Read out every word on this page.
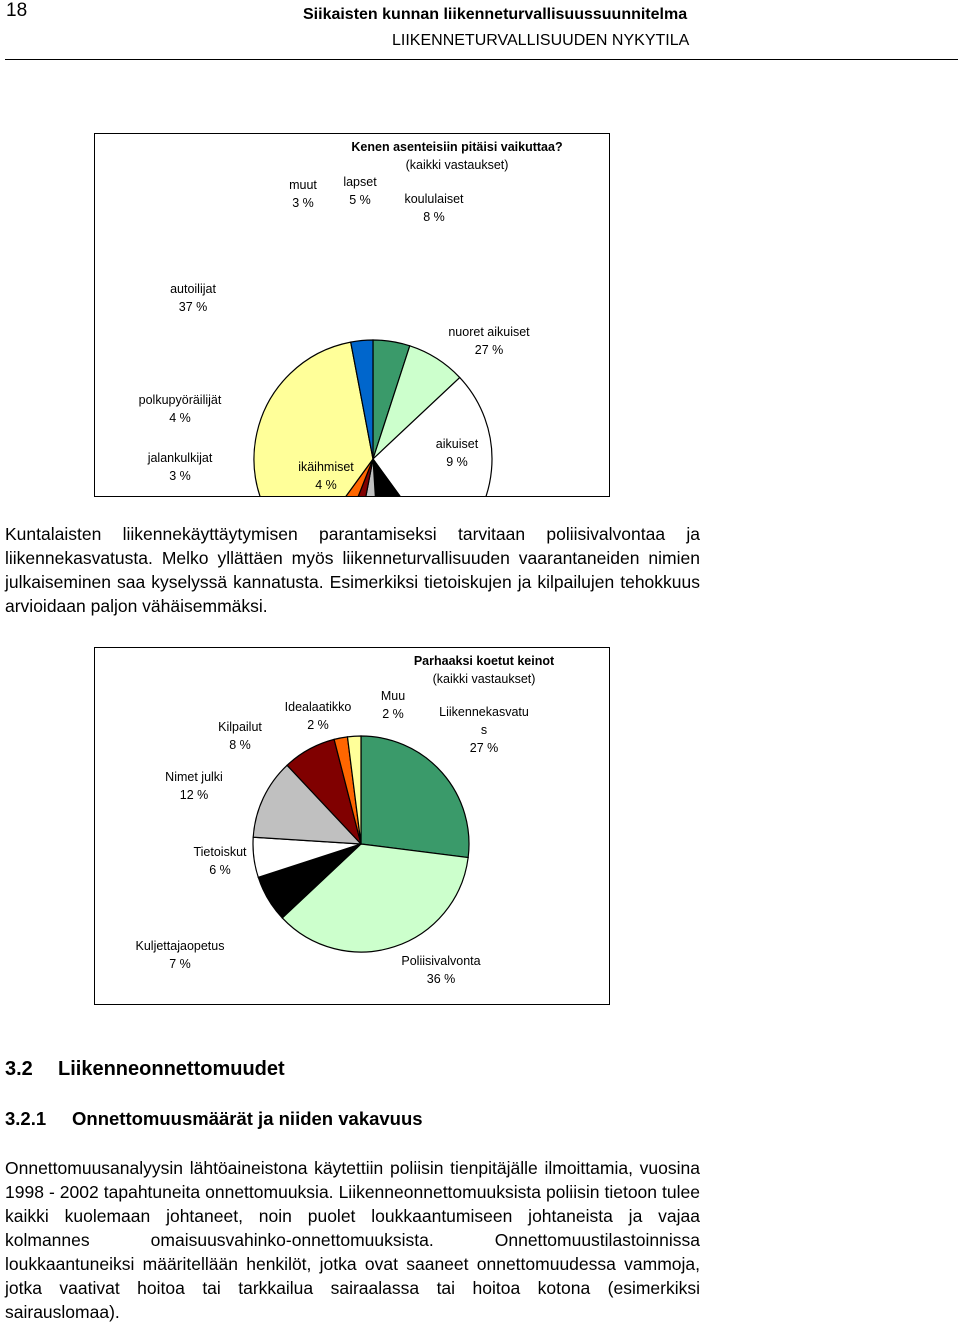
18	Siikaisten kunnan liikenneturvallisuussuunnitelma
LIIKENNETURVALLISUUDEN NYKYTILA
Kenen asenteisiin pitäisi vaikuttaa?
(kaikki vastaukset)
lapset
5 %	koululaiset
8 %
nuoret aikuiset
27 %
aikuiset
9 %
ikäihmiset
4 %
jalankulkijat
3 %
polkupyöräilijät
4 %
autoilijat
37 %
muut
3 %

Kuntalaisten liikennekäyttäytymisen parantamiseksi tarvitaan poliisivalvontaa ja liikennekasvatusta. Melko yllättäen myös liikenneturvallisuuden vaarantaneiden nimien julkaiseminen saa kyselyssä kannatusta. Esimerkiksi tietoiskujen ja kilpailujen tehokkuus arvioidaan paljon vähäisemmäksi.

Parhaaksi koetut keinot
(kaikki vastaukset)
Liikennekasvatu
s
27 %
Poliisivalvonta
36 %
Kuljettajaopetus
7 %
Tietoiskut
6 %
Nimet julki
12 %
Kilpailut
8 %
Idealaatikko
2 %
Muu
2 %
3.2 Liikenneonnettomuudet
3.2.1 Onnettomuusmäärät ja niiden vakavuus

Onnettomuusanalyysin lähtöaineistona käytettiin poliisin tienpitäjälle ilmoittamia, vuosina 1998 - 2002 tapahtuneita onnettomuuksia. Liikenneonnettomuuksista poliisin tietoon tulee kaikki kuolemaan johtaneet, noin puolet loukkaantumiseen johtaneista ja vajaa kolmannes omaisuusvahinko-onnettomuuksista. Onnettomuustilastoinnissa loukkaantuneiksi määritellään henkilöt, jotka ovat saaneet onnettomuudessa vammoja, jotka vaativat hoitoa tai tarkkailua sairaalassa tai hoitoa kotona (esimerkiksi sairauslomaa).
